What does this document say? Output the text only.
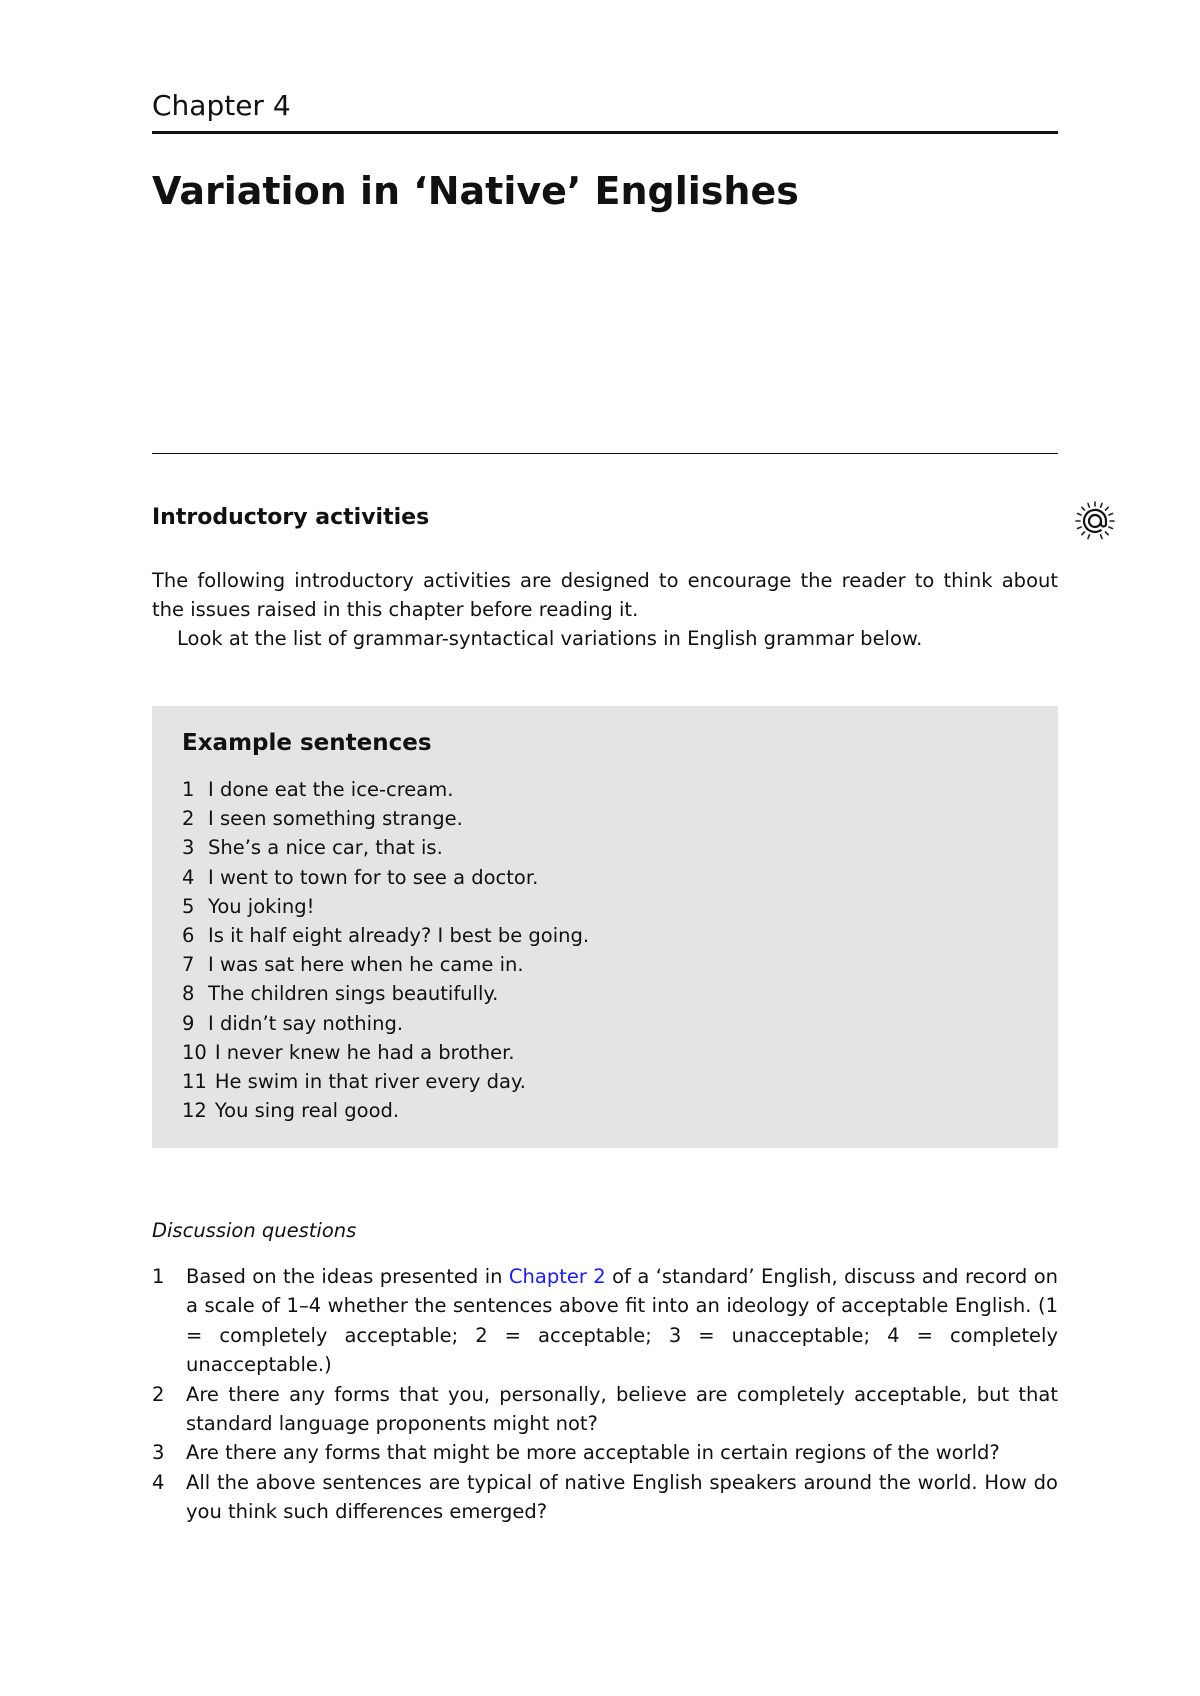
Chapter 4
Variation in ‘Native’ Englishes
Introductory activities

The following introductory activities are designed to encourage the reader to think about the issues raised in this chapter before reading it.

Look at the list of grammar-syntactical variations in English grammar below.

Example sentences
1 I done eat the ice-cream.
2 I seen something strange.
3 She’s a nice car, that is.
4 I went to town for to see a doctor.
5 You joking!
6 Is it half eight already? I best be going.
7 I was sat here when he came in.
8 The children sings beautifully.
9 I didn’t say nothing.
10 I never knew he had a brother.
11 He swim in that river every day.
12 You sing real good.
Discussion questions
1 Based on the ideas presented in Chapter 2 of a ‘standard’ English, discuss and record on a scale of 1–4 whether the sentences above fit into an ideology of acceptable English. (1 = completely acceptable; 2 = acceptable; 3 = unacceptable; 4 = completely unacceptable.)
2 Are there any forms that you, personally, believe are completely acceptable, but that standard language proponents might not?
3 Are there any forms that might be more acceptable in certain regions of the world?
4 All the above sentences are typical of native English speakers around the world. How do you think such differences emerged?
